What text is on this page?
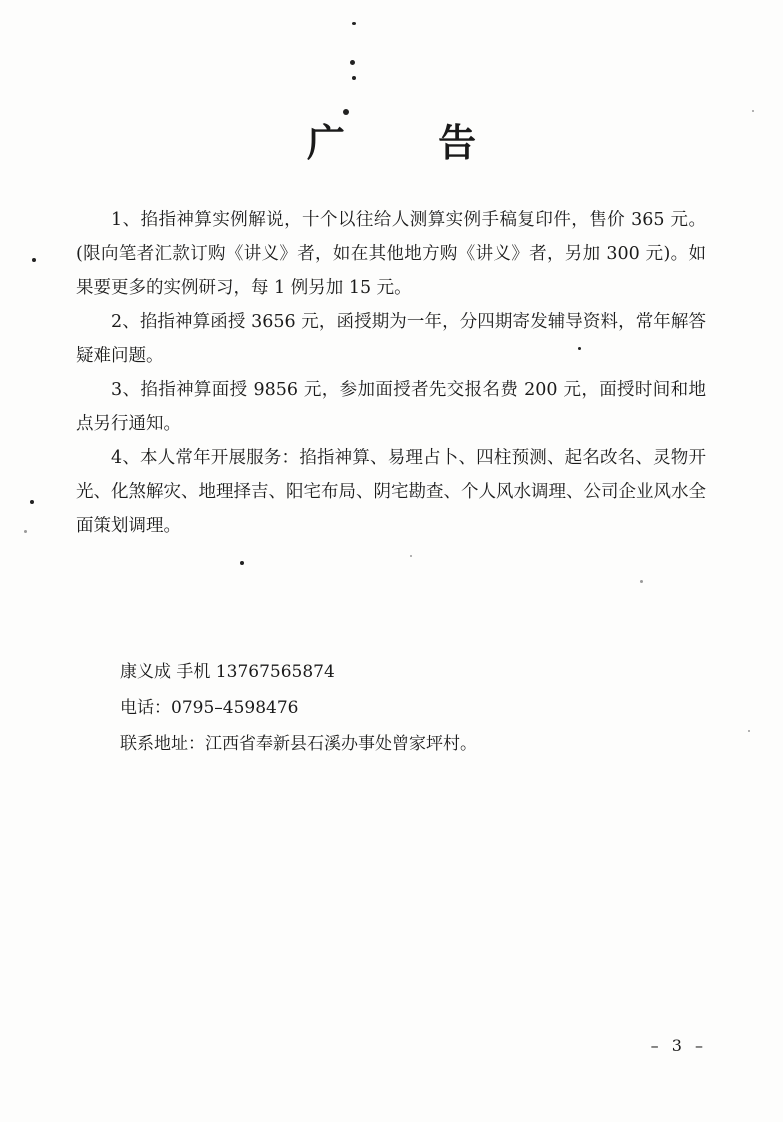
广 告

1、掐指神算实例解说，十个以往给人测算实例手稿复印件，售价 365 元。(限向笔者汇款订购《讲义》者，如在其他地方购《讲义》者，另加 300 元)。如果要更多的实例研习，每 1 例另加 15 元。

2、掐指神算函授 3656 元，函授期为一年，分四期寄发辅导资料，常年解答疑难问题。

3、掐指神算面授 9856 元，参加面授者先交报名费 200 元，面授时间和地点另行通知。

4、本人常年开展服务：掐指神算、易理占卜、四柱预测、起名改名、灵物开光、化煞解灾、地理择吉、阳宅布局、阴宅勘查、个人风水调理、公司企业风水全面策划调理。

康义成 手机 13767565874
电话：0795–4598476
联系地址：江西省奉新县石溪办事处曾家坪村。
– 3 –
